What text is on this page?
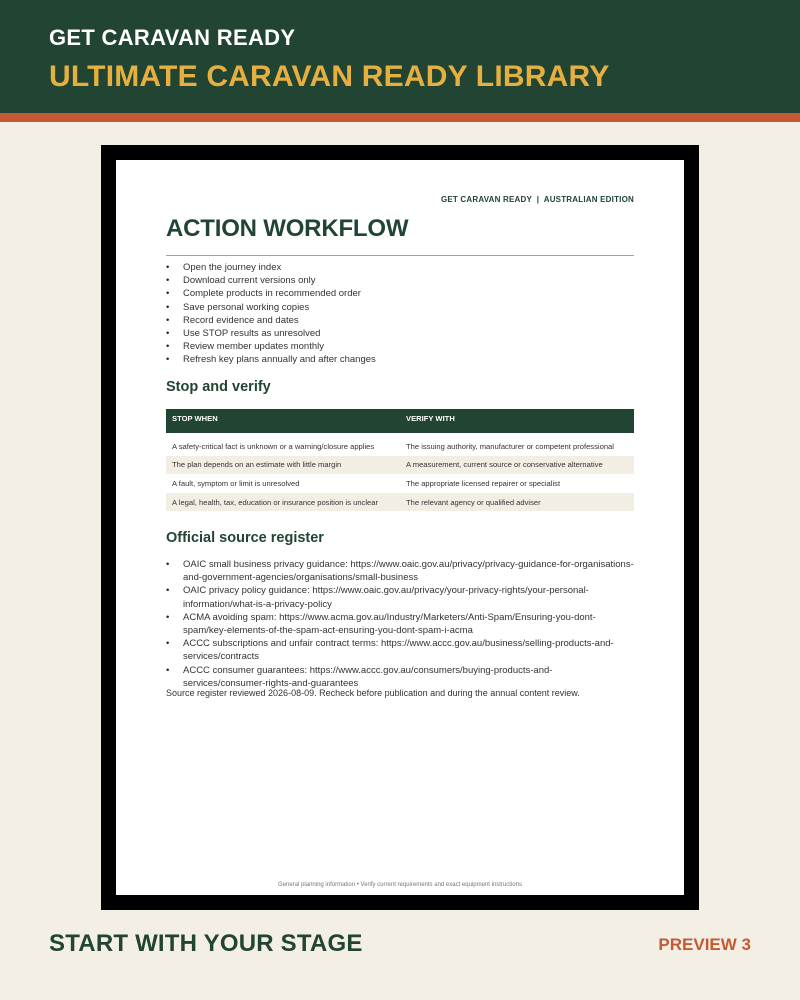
GET CARAVAN READY
ULTIMATE CARAVAN READY LIBRARY
GET CARAVAN READY  |  AUSTRALIAN EDITION
ACTION WORKFLOW
• Open the journey index
• Download current versions only
• Complete products in recommended order
• Save personal working copies
• Record evidence and dates
• Use STOP results as unresolved
• Review member updates monthly
• Refresh key plans annually and after changes
Stop and verify
STOP WHEN	VERIFY WITH

A safety-critical fact is unknown or a warning/closure applies	The issuing authority, manufacturer or competent professional
The plan depends on an estimate with little margin	A measurement, current source or conservative alternative
A fault, symptom or limit is unresolved	The appropriate licensed repairer or specialist
A legal, health, tax, education or insurance position is unclear	The relevant agency or qualified adviser
Official source register
• OAIC small business privacy guidance: https://www.oaic.gov.au/privacy/privacy-guidance-for-organisations-and-government-agencies/organisations/small-business
• OAIC privacy policy guidance: https://www.oaic.gov.au/privacy/your-privacy-rights/your-personal-information/what-is-a-privacy-policy
• ACMA avoiding spam: https://www.acma.gov.au/Industry/Marketers/Anti-Spam/Ensuring-you-dont-spam/key-elements-of-the-spam-act-ensuring-you-dont-spam-i-acma
• ACCC subscriptions and unfair contract terms: https://www.accc.gov.au/business/selling-products-and-services/contracts
• ACCC consumer guarantees: https://www.accc.gov.au/consumers/buying-products-and-services/consumer-rights-and-guarantees
Source register reviewed 2026-08-09. Recheck before publication and during the annual content review.
General planning information • Verify current requirements and exact equipment instructions
START WITH YOUR STAGE	PREVIEW 3
